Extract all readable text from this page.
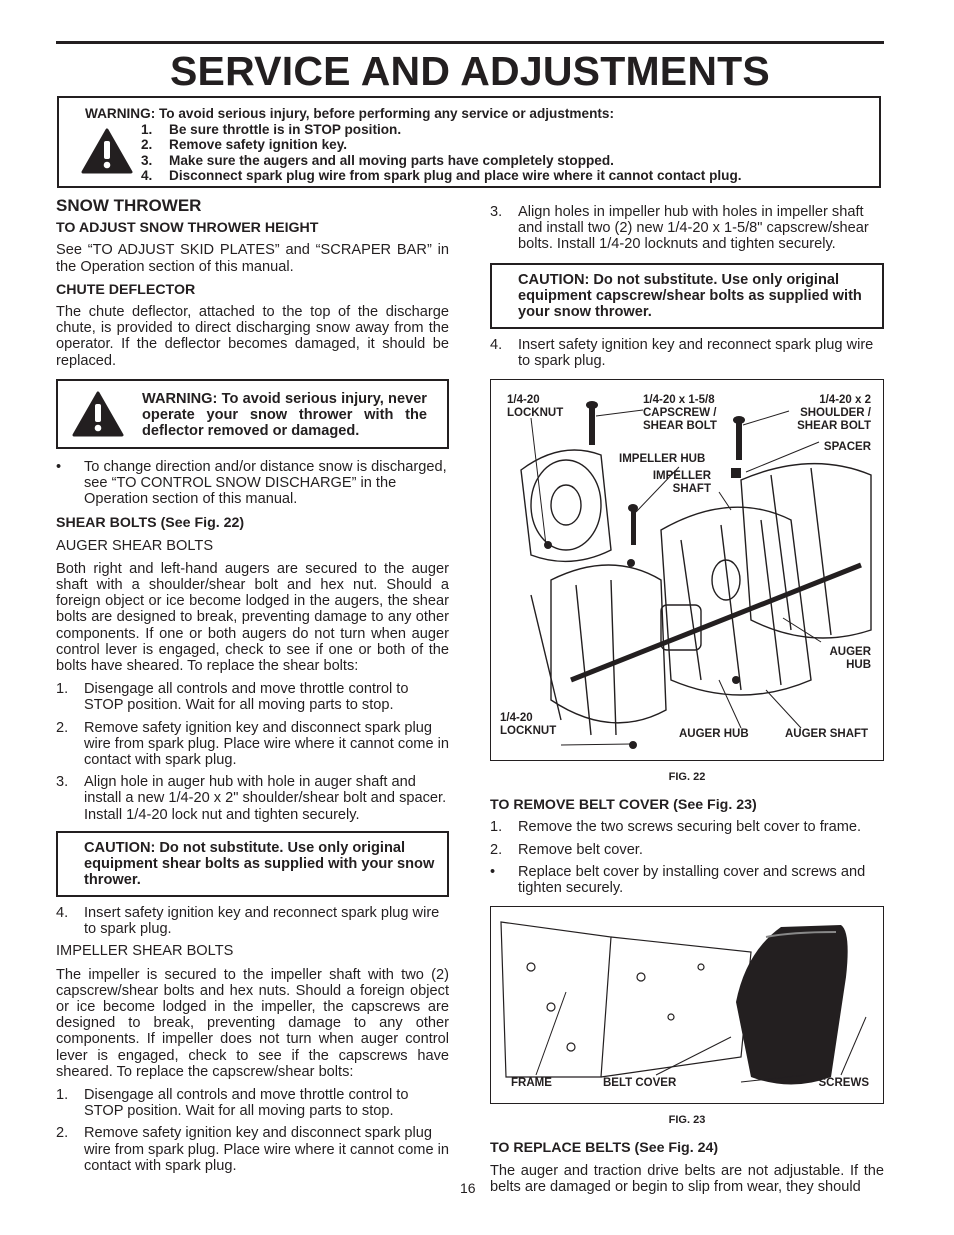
SERVICE AND ADJUSTMENTS
WARNING: To avoid serious injury, before performing any service or adjustments:
1. Be sure throttle is in STOP position.
2. Remove safety ignition key.
3. Make sure the augers and all moving parts have completely stopped.
4. Disconnect spark plug wire from spark plug and place wire where it cannot contact plug.
SNOW THROWER
TO ADJUST SNOW THROWER HEIGHT

See “TO ADJUST SKID PLATES” and “SCRAPER BAR” in the Operation section of this manual.

CHUTE DEFLECTOR

The chute deflector, attached to the top of the discharge chute, is provided to direct discharging snow away from the operator. If the deflector becomes damaged, it should be replaced.

WARNING: To avoid serious injury, never operate your snow thrower with the deflector removed or damaged.
• To change direction and/or distance snow is discharged, see “TO CONTROL SNOW DISCHARGE” in the Operation section of this manual.
SHEAR BOLTS (See Fig. 22)
AUGER SHEAR BOLTS

Both right and left-hand augers are secured to the auger shaft with a shoulder/shear bolt and hex nut. Should a foreign object or ice become lodged in the augers, the shear bolts are designed to break, preventing damage to any other components. If one or both augers do not turn when auger control lever is engaged, check to see if one or both of the bolts have sheared. To replace the shear bolts:

1. Disengage all controls and move throttle control to STOP position. Wait for all moving parts to stop.
2. Remove safety ignition key and disconnect spark plug wire from spark plug. Place wire where it cannot come in contact with spark plug.
3. Align hole in auger hub with hole in auger shaft and install a new 1/4-20 x 2" shoulder/shear bolt and spacer. Install 1/4-20 lock nut and tighten securely.
CAUTION: Do not substitute. Use only original equipment shear bolts as supplied with your snow thrower.
4. Insert safety ignition key and reconnect spark plug wire to spark plug.
IMPELLER SHEAR BOLTS

The impeller is secured to the impeller shaft with two (2) capscrew/shear bolts and hex nuts. Should a foreign object or ice become lodged in the impeller, the capscrews are designed to break, preventing damage to any other components. If impeller does not turn when auger control lever is engaged, check to see if the capscrews have sheared. To replace the capscrew/shear bolts:

1. Disengage all controls and move throttle control to STOP position. Wait for all moving parts to stop.
2. Remove safety ignition key and disconnect spark plug wire from spark plug. Place wire where it cannot come in contact with spark plug.
3. Align holes in impeller hub with holes in impeller shaft and install two (2) new 1/4-20 x 1-5/8" capscrew/shear bolts. Install 1/4-20 locknuts and tighten securely.
CAUTION: Do not substitute. Use only original equipment capscrew/shear bolts as supplied with your snow thrower.
4. Insert safety ignition key and reconnect spark plug wire to spark plug.
1/4-20
LOCKNUT
1/4-20 x 1-5/8
CAPSCREW /
SHEAR BOLT
1/4-20 x 2
SHOULDER /
SHEAR BOLT
SPACER
IMPELLER HUB
IMPELLER
SHAFT
AUGER
HUB
1/4-20
LOCKNUT	AUGER HUB	AUGER SHAFT
FIG. 22
TO REMOVE BELT COVER (See Fig. 23)
1. Remove the two screws securing belt cover to frame.
2. Remove belt cover.
• Replace belt cover by installing cover and screws and tighten securely.
FRAME	BELT COVER	SCREWS
FIG. 23
TO REPLACE BELTS (See Fig. 24)

The auger and traction drive belts are not adjustable. If the belts are damaged or begin to slip from wear, they should

16
